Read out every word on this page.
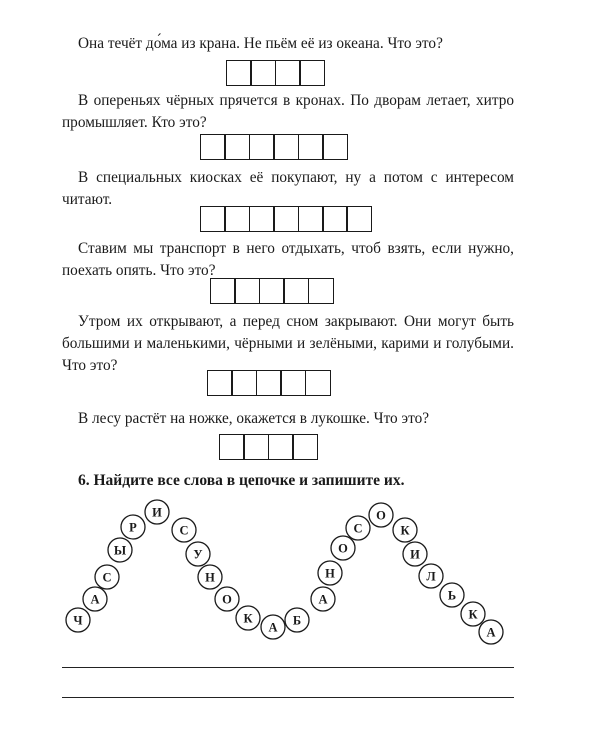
Она течёт до́ма из крана. Не пьём её из океана. Что это?

В опереньях чёрных прячется в кронах. По дворам летает, хитро промышляет. Кто это?

В специальных киосках её покупают, ну а потом с интересом читают.

Ставим мы транспорт в него отдыхать, чтоб взять, если нужно, поехать опять. Что это?

Утром их открывают, а перед сном закрывают. Они могут быть большими и маленькими, чёрными и зелёными, карими и голубыми. Что это?

В лесу растёт на ножке, окажется в лукошке. Что это?

6. Найдите все слова в цепочке и запишите их.

Ч
А
С
Ы
Р
И
С
У
Н
О
К
А Б
А
Н
О
С
О
К
И
Л
Ь
К
А
